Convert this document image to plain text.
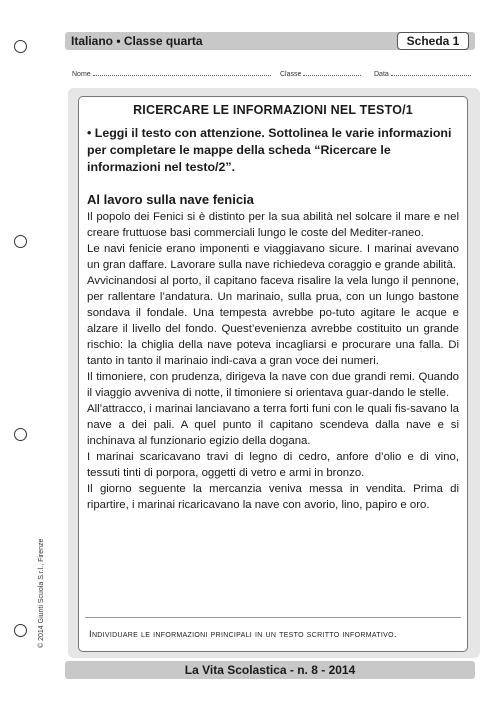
Italiano • Classe quarta	Scheda 1
Nome	Classe	Data
© 2014 Giunti Scuola S.r.l., Firenze
RICERCARE LE INFORMAZIONI NEL TESTO/1
• Leggi il testo con attenzione. Sottolinea le varie informazioni per completare le mappe della scheda “Ricercare le informazioni nel testo/2”.
Al lavoro sulla nave fenicia

Il popolo dei Fenici si è distinto per la sua abilità nel solcare il mare e nel creare fruttuose basi commerciali lungo le coste del Mediter-raneo.

Le navi fenicie erano imponenti e viaggiavano sicure. I marinai avevano un gran daffare. Lavorare sulla nave richiedeva coraggio e grande abilità.

Avvicinandosi al porto, il capitano faceva risalire la vela lungo il pennone, per rallentare l’andatura. Un marinaio, sulla prua, con un lungo bastone sondava il fondale. Una tempesta avrebbe po-tuto agitare le acque e alzare il livello del fondo. Quest’evenienza avrebbe costituito un grande rischio: la chiglia della nave poteva incagliarsi e procurare una falla. Di tanto in tanto il marinaio indi-cava a gran voce dei numeri.

Il timoniere, con prudenza, dirigeva la nave con due grandi remi. Quando il viaggio avveniva di notte, il timoniere si orientava guar-dando le stelle.

All’attracco, i marinai lanciavano a terra forti funi con le quali fis-savano la nave a dei pali. A quel punto il capitano scendeva dalla nave e si inchinava al funzionario egizio della dogana.

I marinai scaricavano travi di legno di cedro, anfore d’olio e di vino, tessuti tinti di porpora, oggetti di vetro e armi in bronzo.

Il giorno seguente la mercanzia veniva messa in vendita. Prima di ripartire, i marinai ricaricavano la nave con avorio, lino, papiro e oro.

Individuare le informazioni principali in un testo scritto informativo.
La Vita Scolastica - n. 8 - 2014
